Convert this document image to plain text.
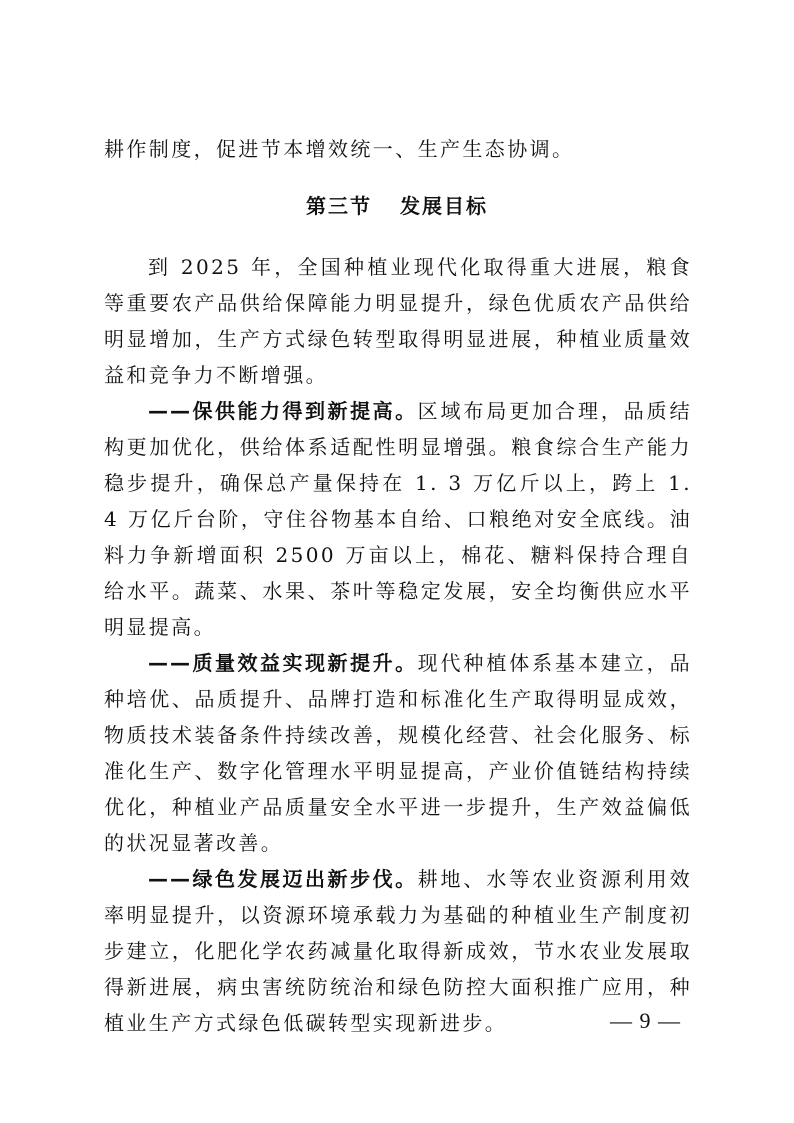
耕作制度，促进节本增效统一、生产生态协调。

第三节 发展目标

到 2025 年，全国种植业现代化取得重大进展，粮食等重要农产品供给保障能力明显提升，绿色优质农产品供给明显增加，生产方式绿色转型取得明显进展，种植业质量效益和竞争力不断增强。

——保供能力得到新提高。区域布局更加合理，品质结构更加优化，供给体系适配性明显增强。粮食综合生产能力稳步提升，确保总产量保持在 1. 3 万亿斤以上，跨上 1. 4 万亿斤台阶，守住谷物基本自给、口粮绝对安全底线。油料力争新增面积 2500 万亩以上，棉花、糖料保持合理自给水平。蔬菜、水果、茶叶等稳定发展，安全均衡供应水平明显提高。

——质量效益实现新提升。现代种植体系基本建立，品种培优、品质提升、品牌打造和标准化生产取得明显成效，物质技术装备条件持续改善，规模化经营、社会化服务、标准化生产、数字化管理水平明显提高，产业价值链结构持续优化，种植业产品质量安全水平进一步提升，生产效益偏低的状况显著改善。

——绿色发展迈出新步伐。耕地、水等农业资源利用效率明显提升，以资源环境承载力为基础的种植业生产制度初步建立，化肥化学农药减量化取得新成效，节水农业发展取得新进展，病虫害统防统治和绿色防控大面积推广应用，种植业生产方式绿色低碳转型实现新进步。	— 9 —
